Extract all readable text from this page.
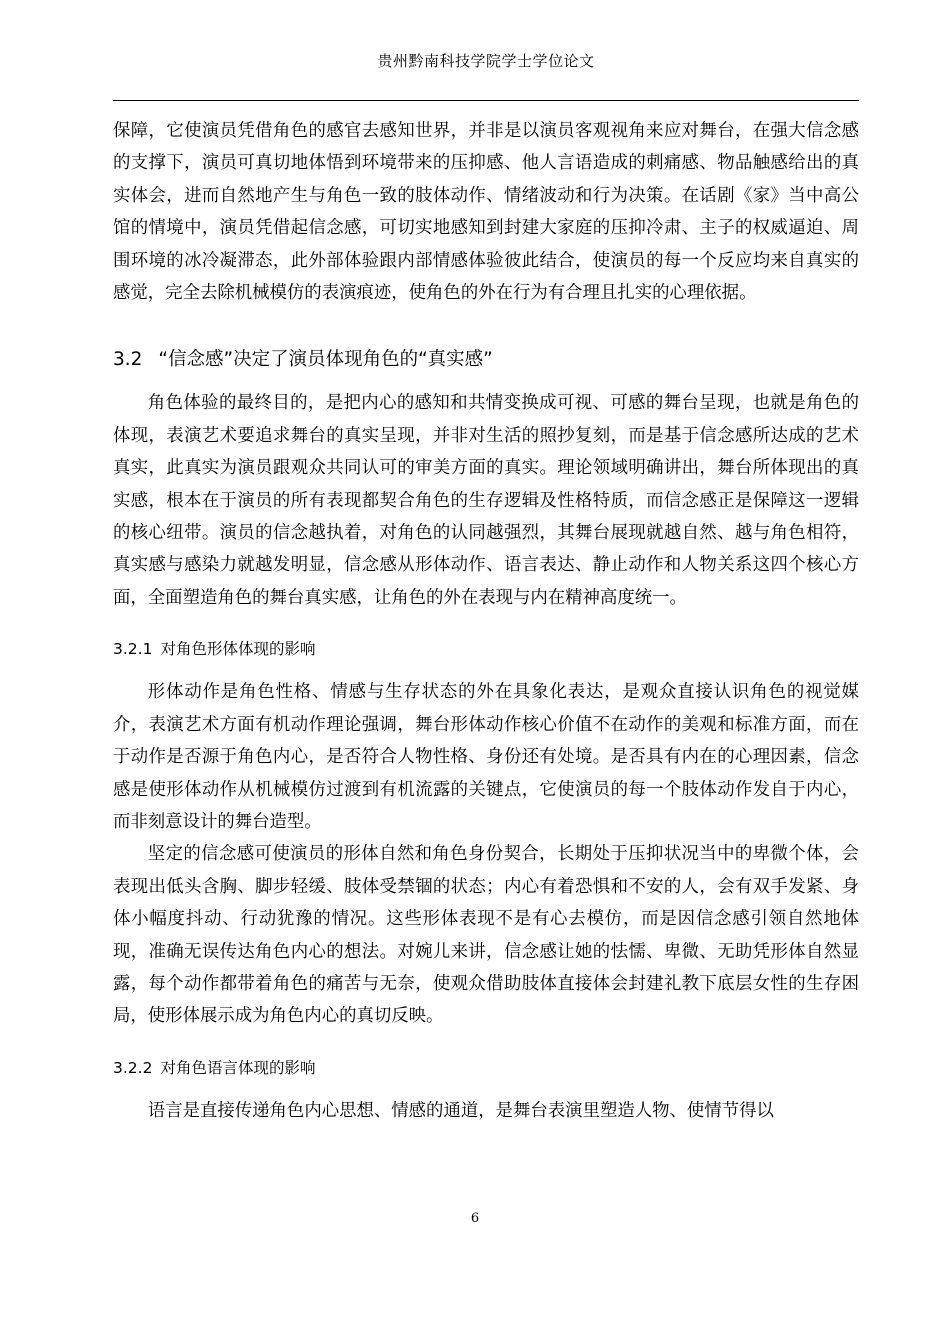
贵州黔南科技学院学士学位论文

保障，它使演员凭借角色的感官去感知世界，并非是以演员客观视角来应对舞台，在强大信念感的支撑下，演员可真切地体悟到环境带来的压抑感、他人言语造成的刺痛感、物品触感给出的真实体会，进而自然地产生与角色一致的肢体动作、情绪波动和行为决策。在话剧《家》当中高公馆的情境中，演员凭借起信念感，可切实地感知到封建大家庭的压抑冷肃、主子的权威逼迫、周围环境的冰冷凝滞态，此外部体验跟内部情感体验彼此结合，使演员的每一个反应均来自真实的感觉，完全去除机械模仿的表演痕迹，使角色的外在行为有合理且扎实的心理依据。

3.2 “信念感”决定了演员体现角色的“真实感”

角色体验的最终目的，是把内心的感知和共情变换成可视、可感的舞台呈现，也就是角色的体现，表演艺术要追求舞台的真实呈现，并非对生活的照抄复刻，而是基于信念感所达成的艺术真实，此真实为演员跟观众共同认可的审美方面的真实。理论领域明确讲出，舞台所体现出的真实感，根本在于演员的所有表现都契合角色的生存逻辑及性格特质，而信念感正是保障这一逻辑的核心纽带。演员的信念越执着，对角色的认同越强烈，其舞台展现就越自然、越与角色相符，真实感与感染力就越发明显，信念感从形体动作、语言表达、静止动作和人物关系这四个核心方面，全面塑造角色的舞台真实感，让角色的外在表现与内在精神高度统一。

3.2.1 对角色形体体现的影响

形体动作是角色性格、情感与生存状态的外在具象化表达，是观众直接认识角色的视觉媒介，表演艺术方面有机动作理论强调，舞台形体动作核心价值不在动作的美观和标准方面，而在于动作是否源于角色内心，是否符合人物性格、身份还有处境。是否具有内在的心理因素，信念感是使形体动作从机械模仿过渡到有机流露的关键点，它使演员的每一个肢体动作发自于内心，而非刻意设计的舞台造型。

坚定的信念感可使演员的形体自然和角色身份契合，长期处于压抑状况当中的卑微个体，会表现出低头含胸、脚步轻缓、肢体受禁锢的状态；内心有着恐惧和不安的人，会有双手发紧、身体小幅度抖动、行动犹豫的情况。这些形体表现不是有心去模仿，而是因信念感引领自然地体现，准确无误传达角色内心的想法。对婉儿来讲，信念感让她的怯懦、卑微、无助凭形体自然显露，每个动作都带着角色的痛苦与无奈，使观众借助肢体直接体会封建礼教下底层女性的生存困局，使形体展示成为角色内心的真切反映。

3.2.2 对角色语言体现的影响

语言是直接传递角色内心思想、情感的通道，是舞台表演里塑造人物、使情节得以

6
